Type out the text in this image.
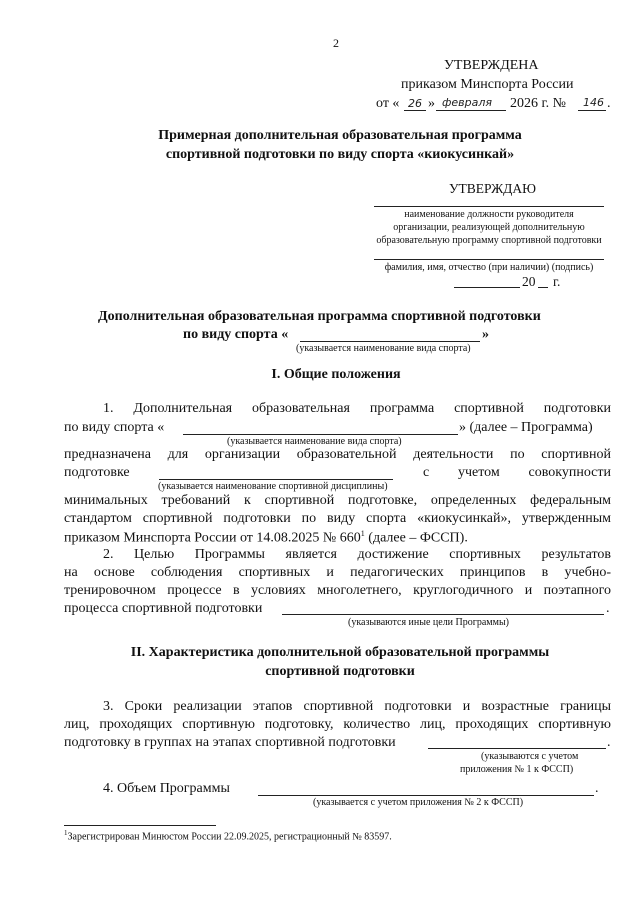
2
УТВЕРЖДЕНА
приказом Минспорта России
от « 26 » февраля 2026 г. № 146 .
Примерная дополнительная образовательная программа
спортивной подготовки по виду спорта «киокусинкай»
УТВЕРЖДАЮ
наименование должности руководителя
организации, реализующей дополнительную
образовательную программу спортивной подготовки
фамилия, имя, отчество (при наличии) (подпись)
20 г.
Дополнительная образовательная программа спортивной подготовки
по виду спорта «	»
(указывается наименование вида спорта)
I. Общие положения
1. Дополнительная образовательная программа спортивной подготовки
по виду спорта «	» (далее – Программа)
(указывается наименование вида спорта)
предназначена для организации образовательной деятельности по спортивной
подготовке	с учетом совокупности
(указывается наименование спортивной дисциплины)
минимальных требований к спортивной подготовке, определенных федеральным
стандартом спортивной подготовки по виду спорта «киокусинкай», утвержденным
приказом Минспорта России от 14.08.2025 № $660^1$ (далее – ФССП).
2. Целью Программы является достижение спортивных результатов
на основе соблюдения спортивных и педагогических принципов в учебно-
тренировочном процессе в условиях многолетнего, круглогодичного и поэтапного
процесса спортивной подготовки	.
(указываются иные цели Программы)
II. Характеристика дополнительной образовательной программы
спортивной подготовки
3. Сроки реализации этапов спортивной подготовки и возрастные границы
лиц, проходящих спортивную подготовку, количество лиц, проходящих спортивную
подготовку в группах на этапах спортивной подготовки	.
(указываются с учетом
приложения № 1 к ФССП)
4. Объем Программы	.
(указывается с учетом приложения № 2 к ФССП)
$^1$Зарегистрирован Минюстом России 22.09.2025, регистрационный № 83597.
